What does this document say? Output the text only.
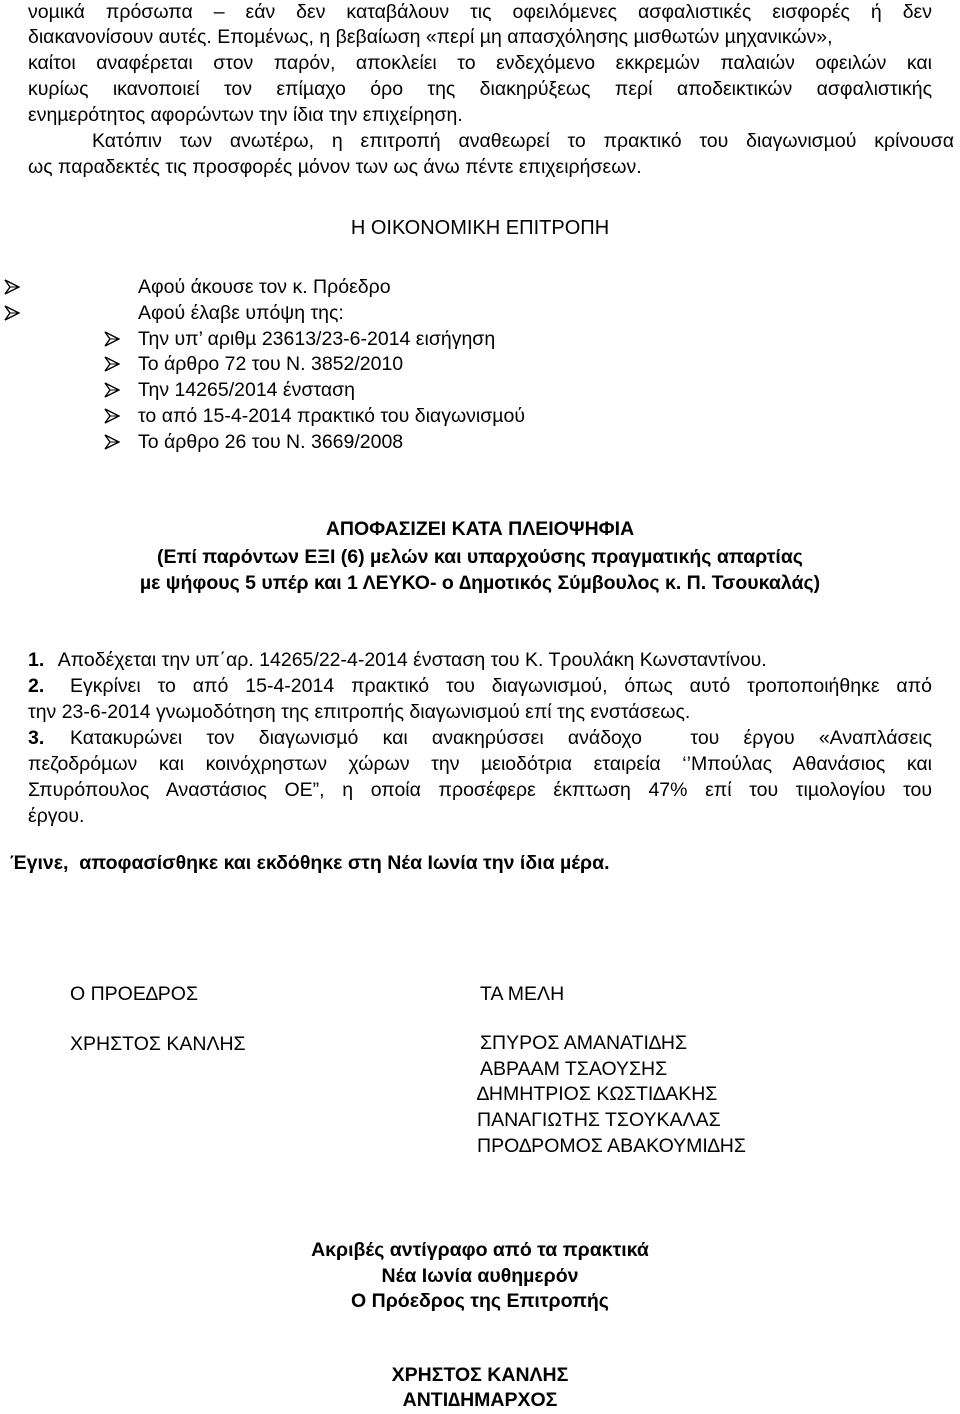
νοµικά πρόσωπα – εάν δεν καταβάλουν τις οφειλόµενες ασφαλιστικές εισφορές ή δεν
διακανονίσουν αυτές. Εποµένως, η βεβαίωση «περί µη απασχόλησης µισθωτών µηχανικών»,
καίτοι αναφέρεται στον παρόν, αποκλείει το ενδεχόµενο εκκρεµών παλαιών οφειλών και
κυρίως ικανοποιεί τον επίµαχο όρο της διακηρύξεως περί αποδεικτικών ασφαλιστικής
ενηµερότητος αφορώντων την ίδια την επιχείρηση.
Κατόπιν των ανωτέρω, η επιτροπή αναθεωρεί το πρακτικό του διαγωνισµού κρίνουσα
ως παραδεκτές τις προσφορές µόνον των ως άνω πέντε επιχειρήσεων.
Η ΟΙΚΟΝΟΜΙΚΗ ΕΠΙΤΡΟΠΗ
Αφού άκουσε τον κ. Πρόεδρο
Αφού έλαβε υπόψη της:
Την υπ’ αριθµ 23613/23-6-2014 εισήγηση
Το άρθρο 72 του Ν. 3852/2010
Την 14265/2014 ένσταση
το από 15-4-2014 πρακτικό του διαγωνισµού
Το άρθρο 26 του Ν. 3669/2008
ΑΠΟΦΑΣΙΖΕΙ ΚΑΤΑ ΠΛΕΙΟΨΗΦΙΑ
(Επί παρόντων ΕΞΙ (6) µελών και υπαρχούσης πραγµατικής απαρτίας
µε ψήφους 5 υπέρ και 1 ΛΕΥΚΟ- ο ∆ηµοτικός Σύµβουλος κ. Π. Τσουκαλάς)
1. Αποδέχεται την υπ΄αρ. 14265/22-4-2014 ένσταση του Κ. Τρουλάκη Κωνσταντίνου.
2.	Εγκρίνει το από 15-4-2014 πρακτικό του διαγωνισµού, όπως αυτό τροποποιήθηκε από
την 23-6-2014 γνωµοδότηση της επιτροπής διαγωνισµού επί της ενστάσεως.
3.	Κατακυρώνει τον διαγωνισµό και ανακηρύσσει ανάδοχο  του έργου «Αναπλάσεις
πεζοδρόµων και κοινόχρηστων χώρων την µειοδότρια εταιρεία ‘’Μπούλας Αθανάσιος και
Σπυρόπουλος Αναστάσιος ΟΕ”, η οποία προσέφερε έκπτωση 47% επί του τιµολογίου του
έργου.
Έγινε,  αποφασίσθηκε και εκδόθηκε στη Νέα Ιωνία την ίδια µέρα.
Ο ΠΡΟΕ∆ΡΟΣ
ΧΡΗΣΤΟΣ ΚΑΝΛΗΣ
ΤΑ ΜΕΛΗ
ΣΠΥΡΟΣ ΑΜΑΝΑΤΙ∆ΗΣ
ΑΒΡΑΑΜ ΤΣΑΟΥΣΗΣ
∆ΗΜΗΤΡΙΟΣ ΚΩΣΤΙ∆ΑΚΗΣ
ΠΑΝΑΓΙΩΤΗΣ ΤΣΟΥΚΑΛΑΣ
ΠΡΟ∆ΡΟΜΟΣ ΑΒΑΚΟΥΜΙ∆ΗΣ
Ακριβές αντίγραφο από τα πρακτικά
Νέα Ιωνία αυθηµερόν
Ο Πρόεδρος της Επιτροπής
ΧΡΗΣΤΟΣ ΚΑΝΛΗΣ
ΑΝΤΙ∆ΗΜΑΡΧΟΣ
